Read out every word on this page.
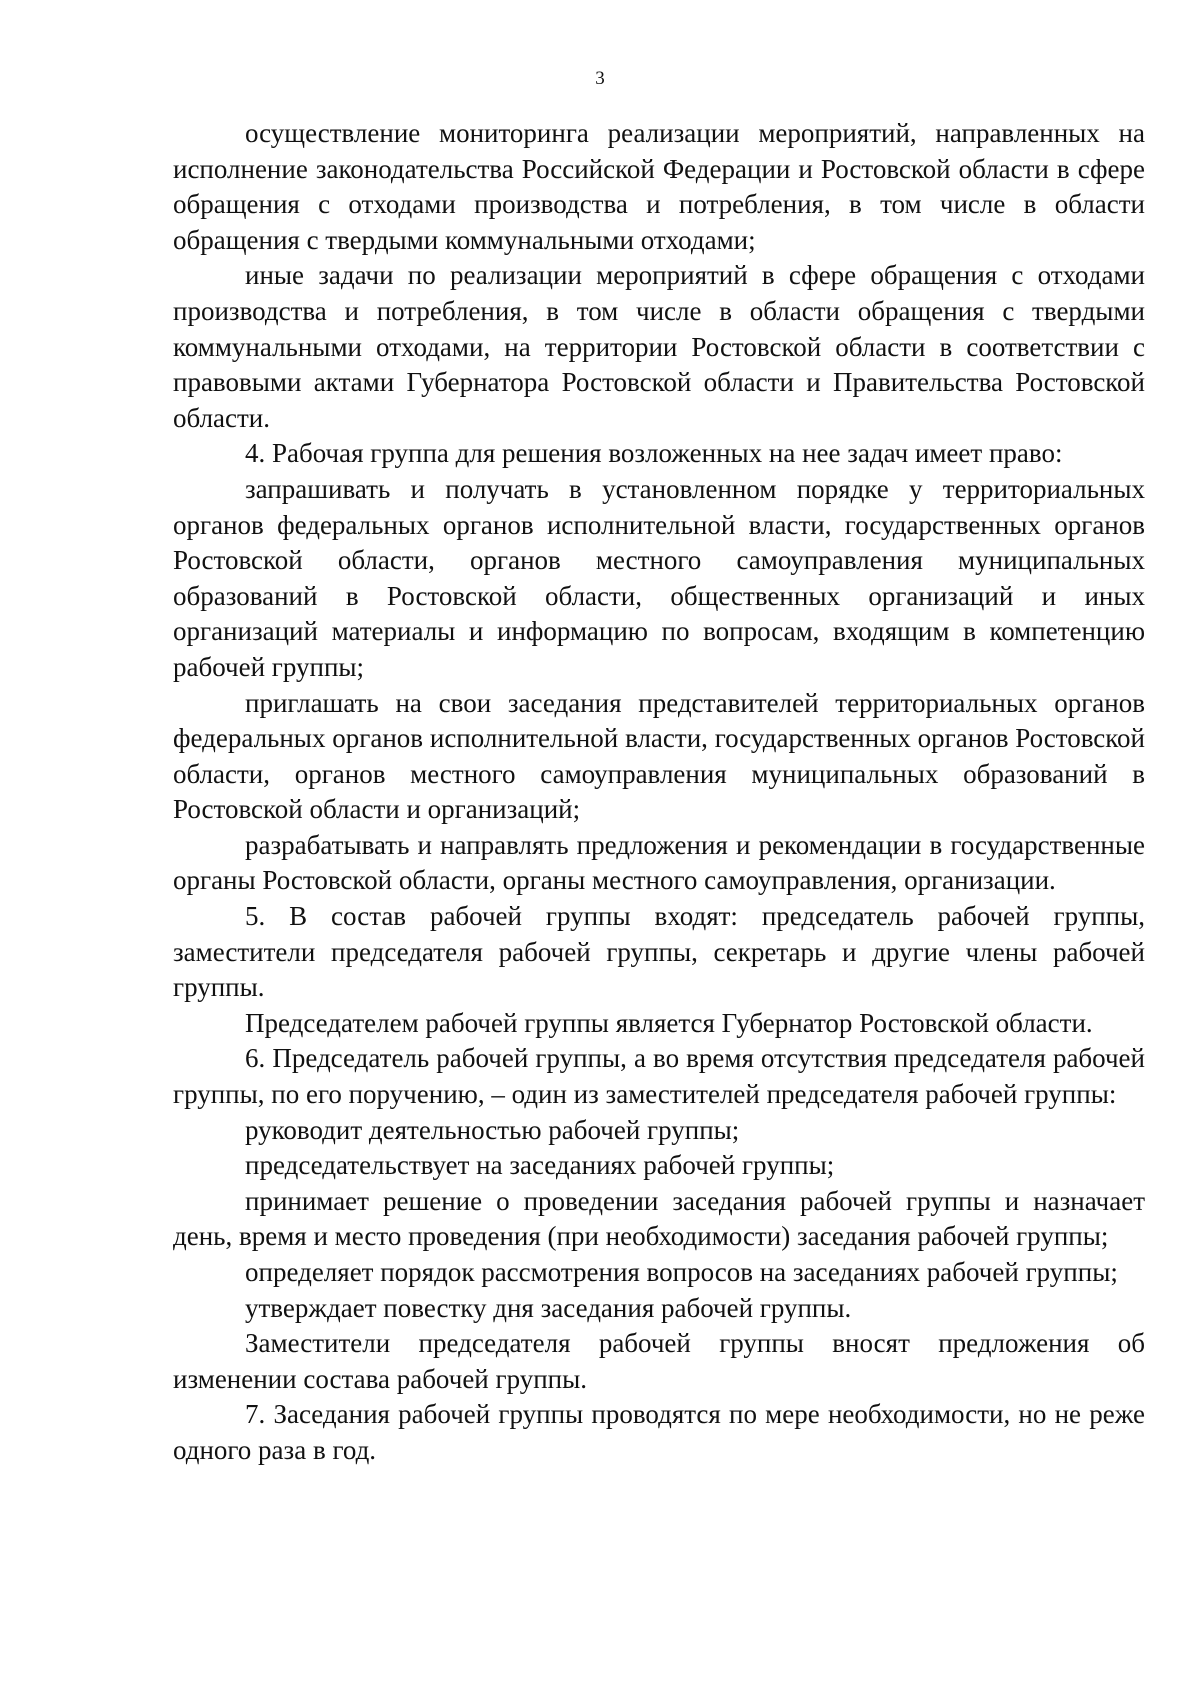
3

осуществление мониторинга реализации мероприятий, направленных на исполнение законодательства Российской Федерации и Ростовской области в сфере обращения с отходами производства и потребления, в том числе в области обращения с твердыми коммунальными отходами;

иные задачи по реализации мероприятий в сфере обращения с отходами производства и потребления, в том числе в области обращения с твердыми коммунальными отходами, на территории Ростовской области в соответствии с правовыми актами Губернатора Ростовской области и Правительства Ростовской области.

4. Рабочая группа для решения возложенных на нее задач имеет право:

запрашивать и получать в установленном порядке у территориальных органов федеральных органов исполнительной власти, государственных органов Ростовской области, органов местного самоуправления муниципальных образований в Ростовской области, общественных организаций и иных организаций материалы и информацию по вопросам, входящим в компетенцию рабочей группы;

приглашать на свои заседания представителей территориальных органов федеральных органов исполнительной власти, государственных органов Ростовской области, органов местного самоуправления муниципальных образований в Ростовской области и организаций;

разрабатывать и направлять предложения и рекомендации в государственные органы Ростовской области, органы местного самоуправления, организации.

5. В состав рабочей группы входят: председатель рабочей группы, заместители председателя рабочей группы, секретарь и другие члены рабочей группы.

Председателем рабочей группы является Губернатор Ростовской области.

6. Председатель рабочей группы, а во время отсутствия председателя рабочей группы, по его поручению, – один из заместителей председателя рабочей группы:

руководит деятельностью рабочей группы;

председательствует на заседаниях рабочей группы;

принимает решение о проведении заседания рабочей группы и назначает день, время и место проведения (при необходимости) заседания рабочей группы;

определяет порядок рассмотрения вопросов на заседаниях рабочей группы;

утверждает повестку дня заседания рабочей группы.

Заместители председателя рабочей группы вносят предложения об изменении состава рабочей группы.

7. Заседания рабочей группы проводятся по мере необходимости, но не реже одного раза в год.
